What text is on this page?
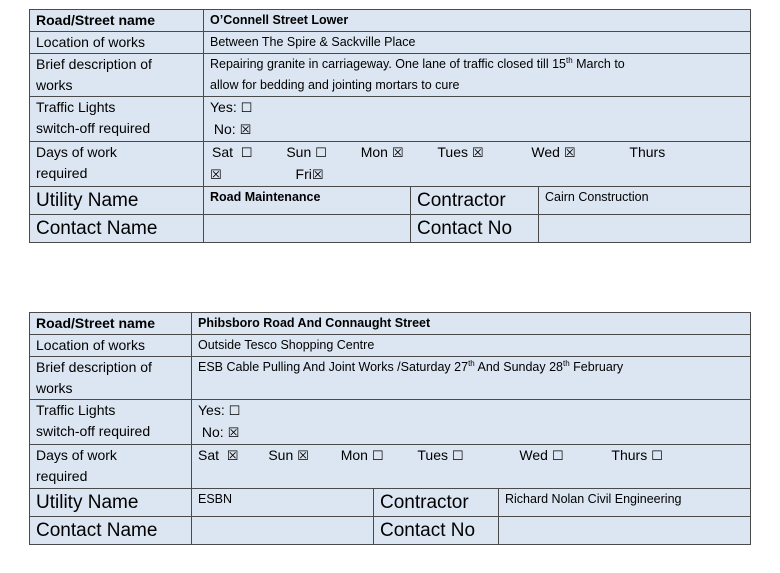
Road/Street name	O’Connell Street Lower		
Location of works	Between The Spire & Sackville Place		
Brief description of
works	Repairing granite in carriageway. One lane of traffic closed till 15th March to
allow for bedding and jointing mortars to cure		
Traffic Lights
switch-off required	Yes: ☐
No: ☒		
Days of work
required	Sat ☐ Sun ☐ Mon ☒ Tues ☒ Wed ☒ Thurs
☒ Fri☒		
Utility Name	Road Maintenance	Contractor	Cairn Construction
Contact Name		Contact No	
Road/Street name	Phibsboro Road And Connaught Street		
Location of works	Outside Tesco Shopping Centre		
Brief description of
works	ESB Cable Pulling And Joint Works /Saturday 27th And Sunday 28th February		
Traffic Lights
switch-off required	Yes: ☐
No: ☒		
Days of work
required	Sat ☒ Sun ☒ Mon ☐ Tues ☐ Wed ☐ Thurs ☐		

Utility Name	ESBN	Contractor	Richard Nolan Civil Engineering
Contact Name		Contact No	
